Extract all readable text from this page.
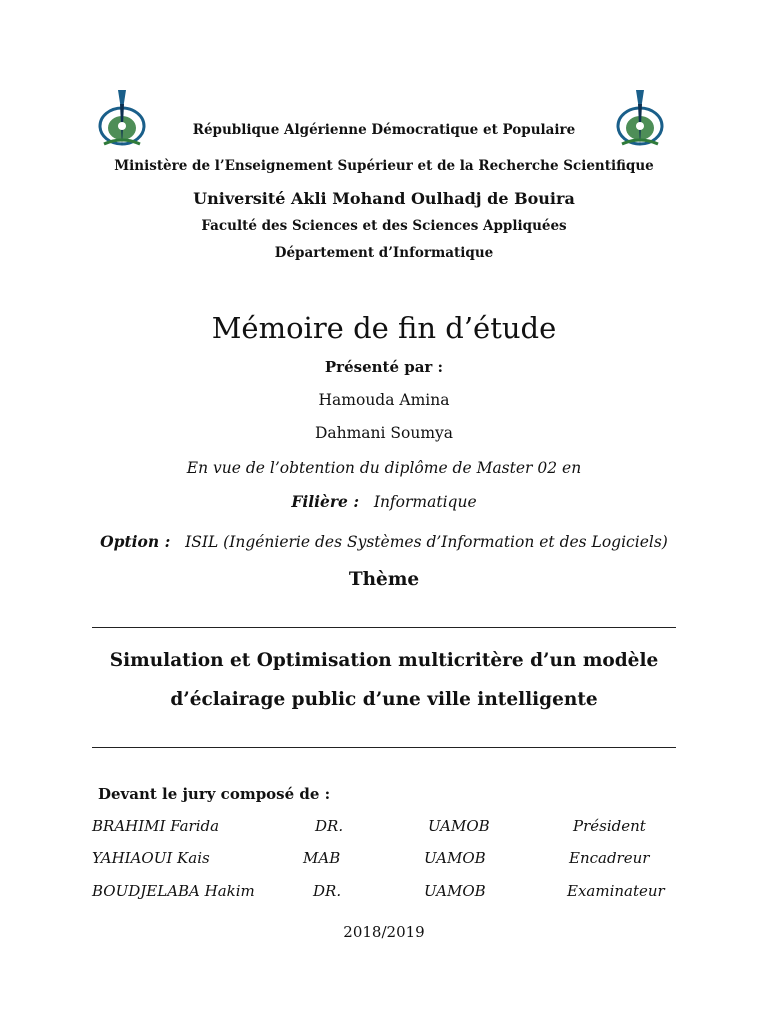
République Algérienne Démocratique et Populaire
Ministère de l’Enseignement Supérieur et de la Recherche Scientifique
Université Akli Mohand Oulhadj de Bouira
Faculté des Sciences et des Sciences Appliquées
Département d’Informatique
Mémoire de fin d’étude
Présenté par :
Hamouda Amina
Dahmani Soumya
En vue de l’obtention du diplôme de Master 02 en
Filière : Informatique
Option : ISIL (Ingénierie des Systèmes d’Information et des Logiciels)
Thème
Simulation et Optimisation multicritère d’un modèle
d’éclairage public d’une ville intelligente
Devant le jury composé de :
BRAHIMI Farida	DR.	UAMOB	Président
YAHIAOUI Kais	MAB	UAMOB	Encadreur
BOUDJELABA Hakim	DR.	UAMOB	Examinateur
2018/2019
